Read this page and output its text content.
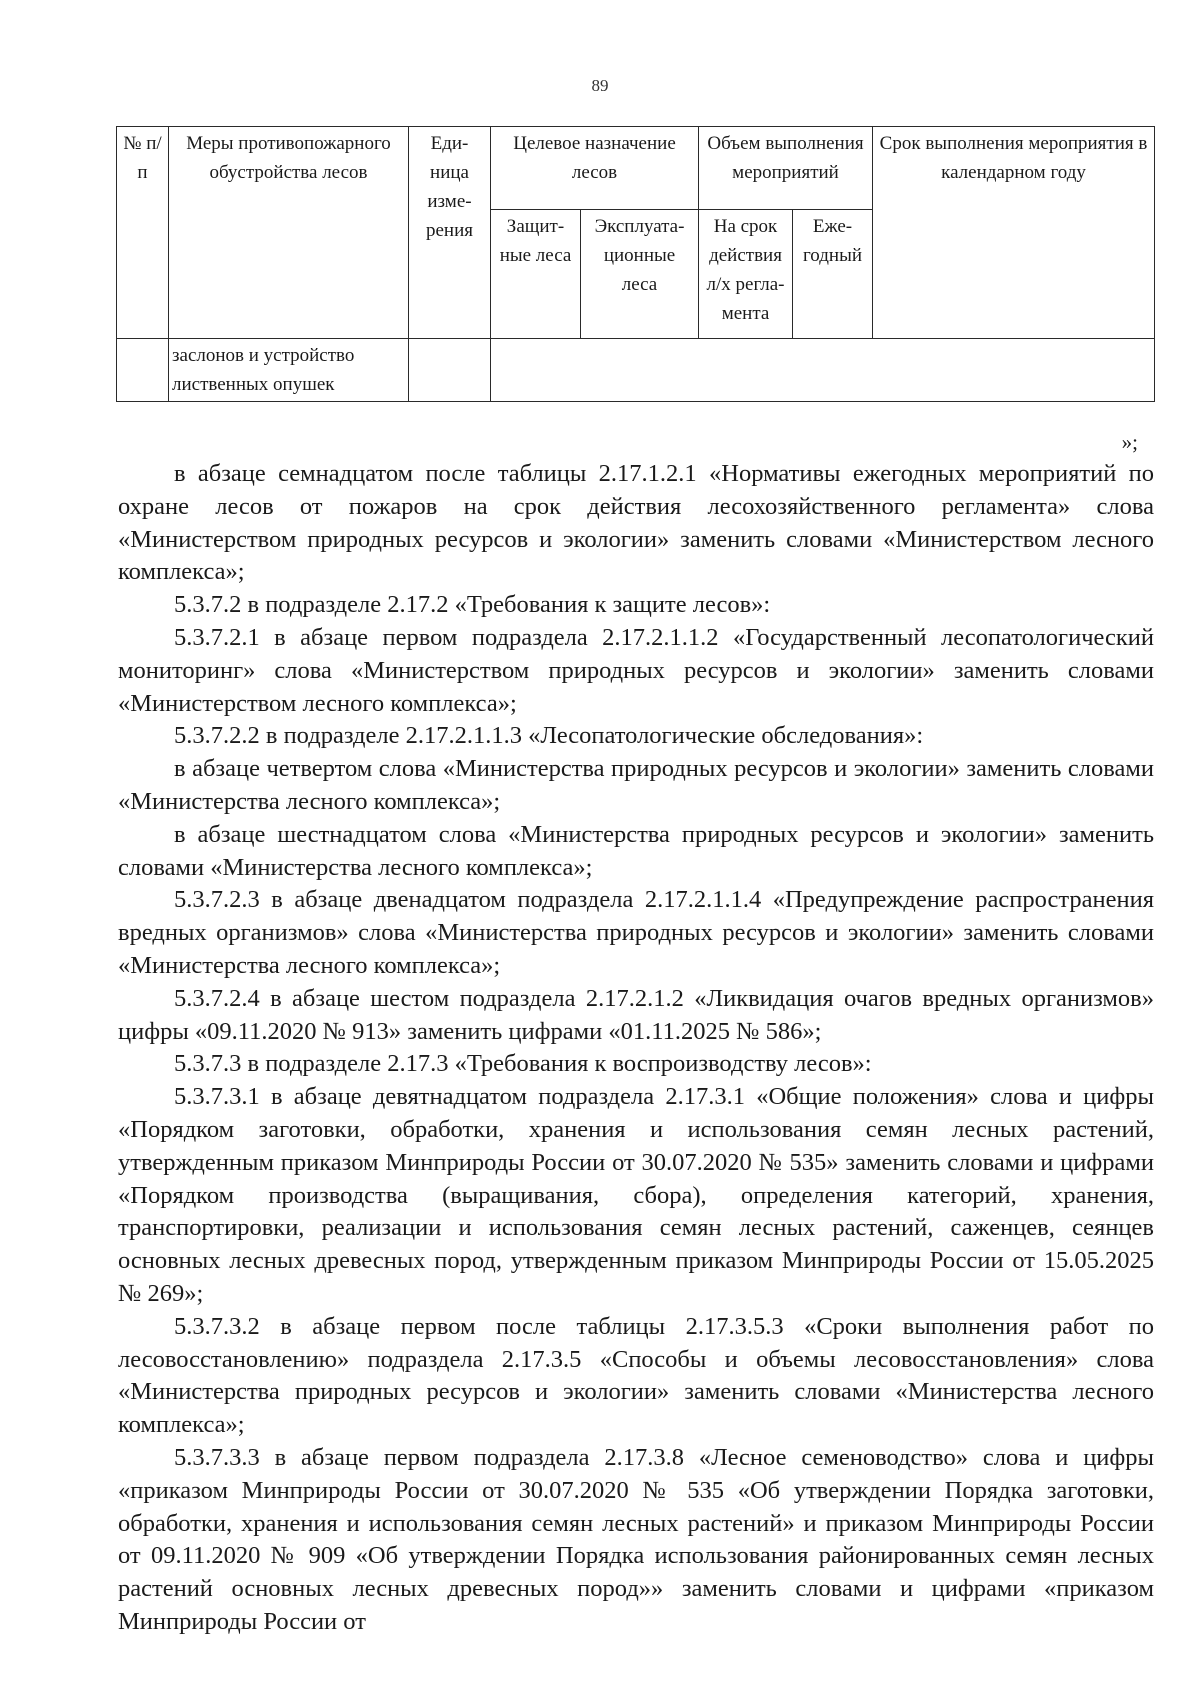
89
№ п/п	Меры противопожарного обустройства лесов	Еди- ница изме- рения	Целевое назначение лесов		Объем выполнения мероприятий		Срок выполнения мероприятия в календарном году
			Защит- ные леса	Эксплуата- ционные леса	На срок действия л/х регла- мента	Еже- годный	
	заслонов и устройство лиственных опушек						
»;

в абзаце семнадцатом после таблицы 2.17.1.2.1 «Нормативы ежегодных мероприятий по охране лесов от пожаров на срок действия лесохозяйственного регламента» слова «Министерством природных ресурсов и экологии» заменить словами «Министерством лесного комплекса»;

5.3.7.2 в подразделе 2.17.2 «Требования к защите лесов»:

5.3.7.2.1 в абзаце первом подраздела 2.17.2.1.1.2 «Государственный лесопатологический мониторинг» слова «Министерством природных ресурсов и экологии» заменить словами «Министерством лесного комплекса»;

5.3.7.2.2 в подразделе 2.17.2.1.1.3 «Лесопатологические обследования»:

в абзаце четвертом слова «Министерства природных ресурсов и экологии» заменить словами «Министерства лесного комплекса»;

в абзаце шестнадцатом слова «Министерства природных ресурсов и экологии» заменить словами «Министерства лесного комплекса»;

5.3.7.2.3 в абзаце двенадцатом подраздела 2.17.2.1.1.4 «Предупреждение распространения вредных организмов» слова «Министерства природных ресурсов и экологии» заменить словами «Министерства лесного комплекса»;

5.3.7.2.4 в абзаце шестом подраздела 2.17.2.1.2 «Ликвидация очагов вредных организмов» цифры «09.11.2020 № 913» заменить цифрами «01.11.2025 № 586»;

5.3.7.3 в подразделе 2.17.3 «Требования к воспроизводству лесов»:

5.3.7.3.1 в абзаце девятнадцатом подраздела 2.17.3.1 «Общие положения» слова и цифры «Порядком заготовки, обработки, хранения и использования семян лесных растений, утвержденным приказом Минприроды России от 30.07.2020 № 535» заменить словами и цифрами «Порядком производства (выращивания, сбора), определения категорий, хранения, транспортировки, реализации и использования семян лесных растений, саженцев, сеянцев основных лесных древесных пород, утвержденным приказом Минприроды России от 15.05.2025 № 269»;

5.3.7.3.2 в абзаце первом после таблицы 2.17.3.5.3 «Сроки выполнения работ по лесовосстановлению» подраздела 2.17.3.5 «Способы и объемы лесовосстановления» слова «Министерства природных ресурсов и экологии» заменить словами «Министерства лесного комплекса»;

5.3.7.3.3 в абзаце первом подраздела 2.17.3.8 «Лесное семеноводство» слова и цифры «приказом Минприроды России от 30.07.2020 № 535 «Об утверждении Порядка заготовки, обработки, хранения и использования семян лесных растений» и приказом Минприроды России от 09.11.2020 № 909 «Об утверждении Порядка использования районированных семян лесных растений основных лесных древесных пород»» заменить словами и цифрами «приказом Минприроды России от
